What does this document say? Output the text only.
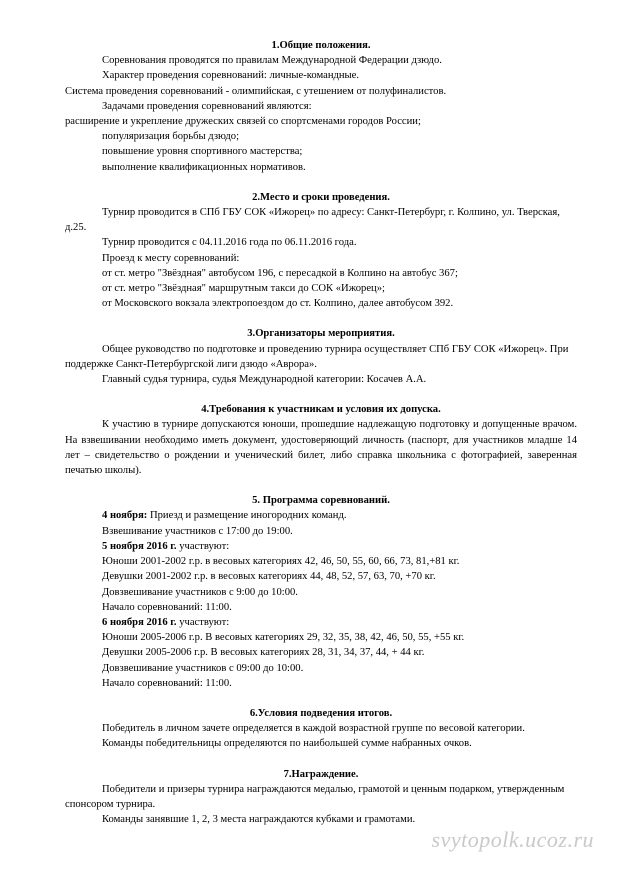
1.Общие положения.

Соревнования проводятся по правилам Международной Федерации дзюдо.

Характер проведения соревнований: личные-командные.

Система проведения соревнований - олимпийская, с утешением от полуфиналистов.

Задачами проведения соревнований являются:

расширение и укрепление дружеских связей со спортсменами городов России;

популяризация борьбы дзюдо;

повышение уровня спортивного мастерства;

выполнение квалификационных нормативов.

2.Место и сроки проведения.

Турнир проводится в СПб ГБУ СОК «Ижорец» по адресу: Санкт-Петербург, г. Колпино, ул. Тверская, д.25.

Турнир проводится с 04.11.2016 года по 06.11.2016 года.

Проезд к месту соревнований:

от ст. метро "Звёздная" автобусом 196, с пересадкой в Колпино на автобус 367;

от ст. метро "Звёздная" маршрутным такси до СОК «Ижорец»;

от Московского вокзала электропоездом до ст. Колпино, далее автобусом 392.

3.Организаторы мероприятия.

Общее руководство по подготовке и проведению турнира осуществляет СПб ГБУ СОК «Ижорец». При поддержке Санкт-Петербургской лиги дзюдо «Аврора».

Главный судья турнира, судья Международной категории: Косачев А.А.

4.Требования к участникам и условия их допуска.

К участию в турнире допускаются юноши, прошедшие надлежащую подготовку и допущенные врачом. На взвешивании необходимо иметь документ, удостоверяющий личность (паспорт, для участников младше 14 лет – свидетельство о рождении и ученический билет, либо справка школьника с фотографией, заверенная печатью школы).

5. Программа соревнований.

4 ноября: Приезд и размещение иногородних команд.

Взвешивание участников с 17:00 до 19:00.

5 ноября 2016 г. участвуют:

Юноши 2001-2002 г.р. в весовых категориях 42, 46, 50, 55, 60, 66, 73, 81,+81 кг.

Девушки 2001-2002 г.р. в весовых категориях 44, 48, 52, 57, 63, 70, +70 кг.

Довзвешивание участников с 9:00 до 10:00.

Начало соревнований: 11:00.

6 ноября 2016 г. участвуют:

Юноши 2005-2006 г.р. В весовых категориях 29, 32, 35, 38, 42, 46, 50, 55, +55 кг.

Девушки 2005-2006 г.р. В весовых категориях 28, 31, 34, 37, 44, + 44 кг.

Довзвешивание участников с 09:00 до 10:00.

Начало соревнований: 11:00.

6.Условия подведения итогов.

Победитель в личном зачете определяется в каждой возрастной группе по весовой категории.

Команды победительницы определяются по наибольшей сумме набранных очков.

7.Награждение.

Победители и призеры турнира награждаются медалью, грамотой и ценным подарком, утвержденным спонсором турнира.

Команды занявшие 1, 2, 3 места награждаются кубками и грамотами.

svytopolk.ucoz.ru
